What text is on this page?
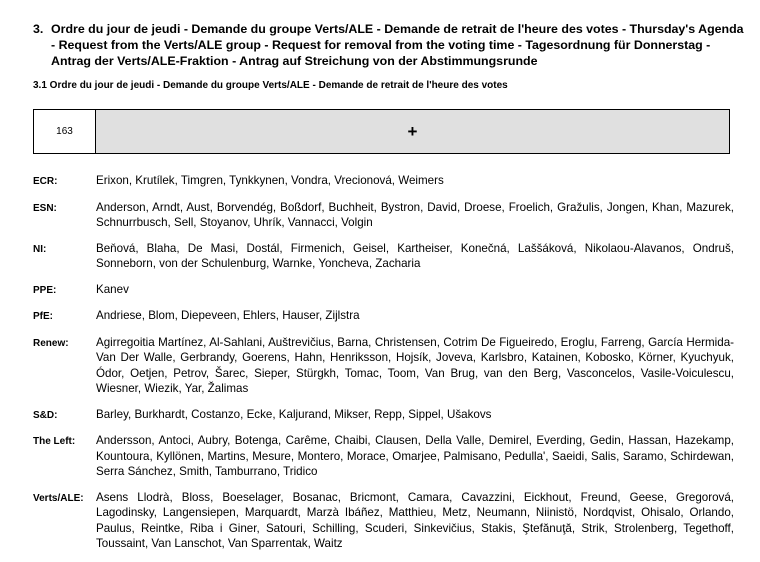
3. Ordre du jour de jeudi - Demande du groupe Verts/ALE - Demande de retrait de l'heure des votes - Thursday's Agenda - Request from the Verts/ALE group - Request for removal from the voting time - Tagesordnung für Donnerstag - Antrag der Verts/ALE-Fraktion - Antrag auf Streichung von der Abstimmungsrunde
3.1 Ordre du jour de jeudi - Demande du groupe Verts/ALE - Demande de retrait de l'heure des votes
163	+
ECR:	Erixon, Krutílek, Timgren, Tynkkynen, Vondra, Vrecionová, Weimers
ESN:	Anderson, Arndt, Aust, Borvendég, Boßdorf, Buchheit, Bystron, David, Droese, Froelich, Gražulis, Jongen, Khan, Mazurek, Schnurrbusch, Sell, Stoyanov, Uhrík, Vannacci, Volgin
NI:	Beňová, Blaha, De Masi, Dostál, Firmenich, Geisel, Kartheiser, Konečná, Laššáková, Nikolaou-Alavanos, Ondruš, Sonneborn, von der Schulenburg, Warnke, Yoncheva, Zacharia
PPE:	Kanev
PfE:	Andriese, Blom, Diepeveen, Ehlers, Hauser, Zijlstra
Renew:	Agirregoitia Martínez, Al-Sahlani, Auštrevičius, Barna, Christensen, Cotrim De Figueiredo, Eroglu, Farreng, García Hermida-Van Der Walle, Gerbrandy, Goerens, Hahn, Henriksson, Hojsík, Joveva, Karlsbro, Katainen, Kobosko, Körner, Kyuchyuk, Ódor, Oetjen, Petrov, Šarec, Sieper, Stürgkh, Tomac, Toom, Van Brug, van den Berg, Vasconcelos, Vasile-Voiculescu, Wiesner, Wiezik, Yar, Žalimas
S&D:	Barley, Burkhardt, Costanzo, Ecke, Kaljurand, Mikser, Repp, Sippel, Ušakovs
The Left:	Andersson, Antoci, Aubry, Botenga, Carême, Chaibi, Clausen, Della Valle, Demirel, Everding, Gedin, Hassan, Hazekamp, Kountoura, Kyllönen, Martins, Mesure, Montero, Morace, Omarjee, Palmisano, Pedulla', Saeidi, Salis, Saramo, Schirdewan, Serra Sánchez, Smith, Tamburrano, Tridico
Verts/ALE:	Asens Llodrà, Bloss, Boeselager, Bosanac, Bricmont, Camara, Cavazzini, Eickhout, Freund, Geese, Gregorová, Lagodinsky, Langensiepen, Marquardt, Marzà Ibáñez, Matthieu, Metz, Neumann, Niinistö, Nordqvist, Ohisalo, Orlando, Paulus, Reintke, Riba i Giner, Satouri, Schilling, Scuderi, Sinkevičius, Stakis, Ştefănuţă, Strik, Strolenberg, Tegethoff, Toussaint, Van Lanschot, Van Sparrentak, Waitz
